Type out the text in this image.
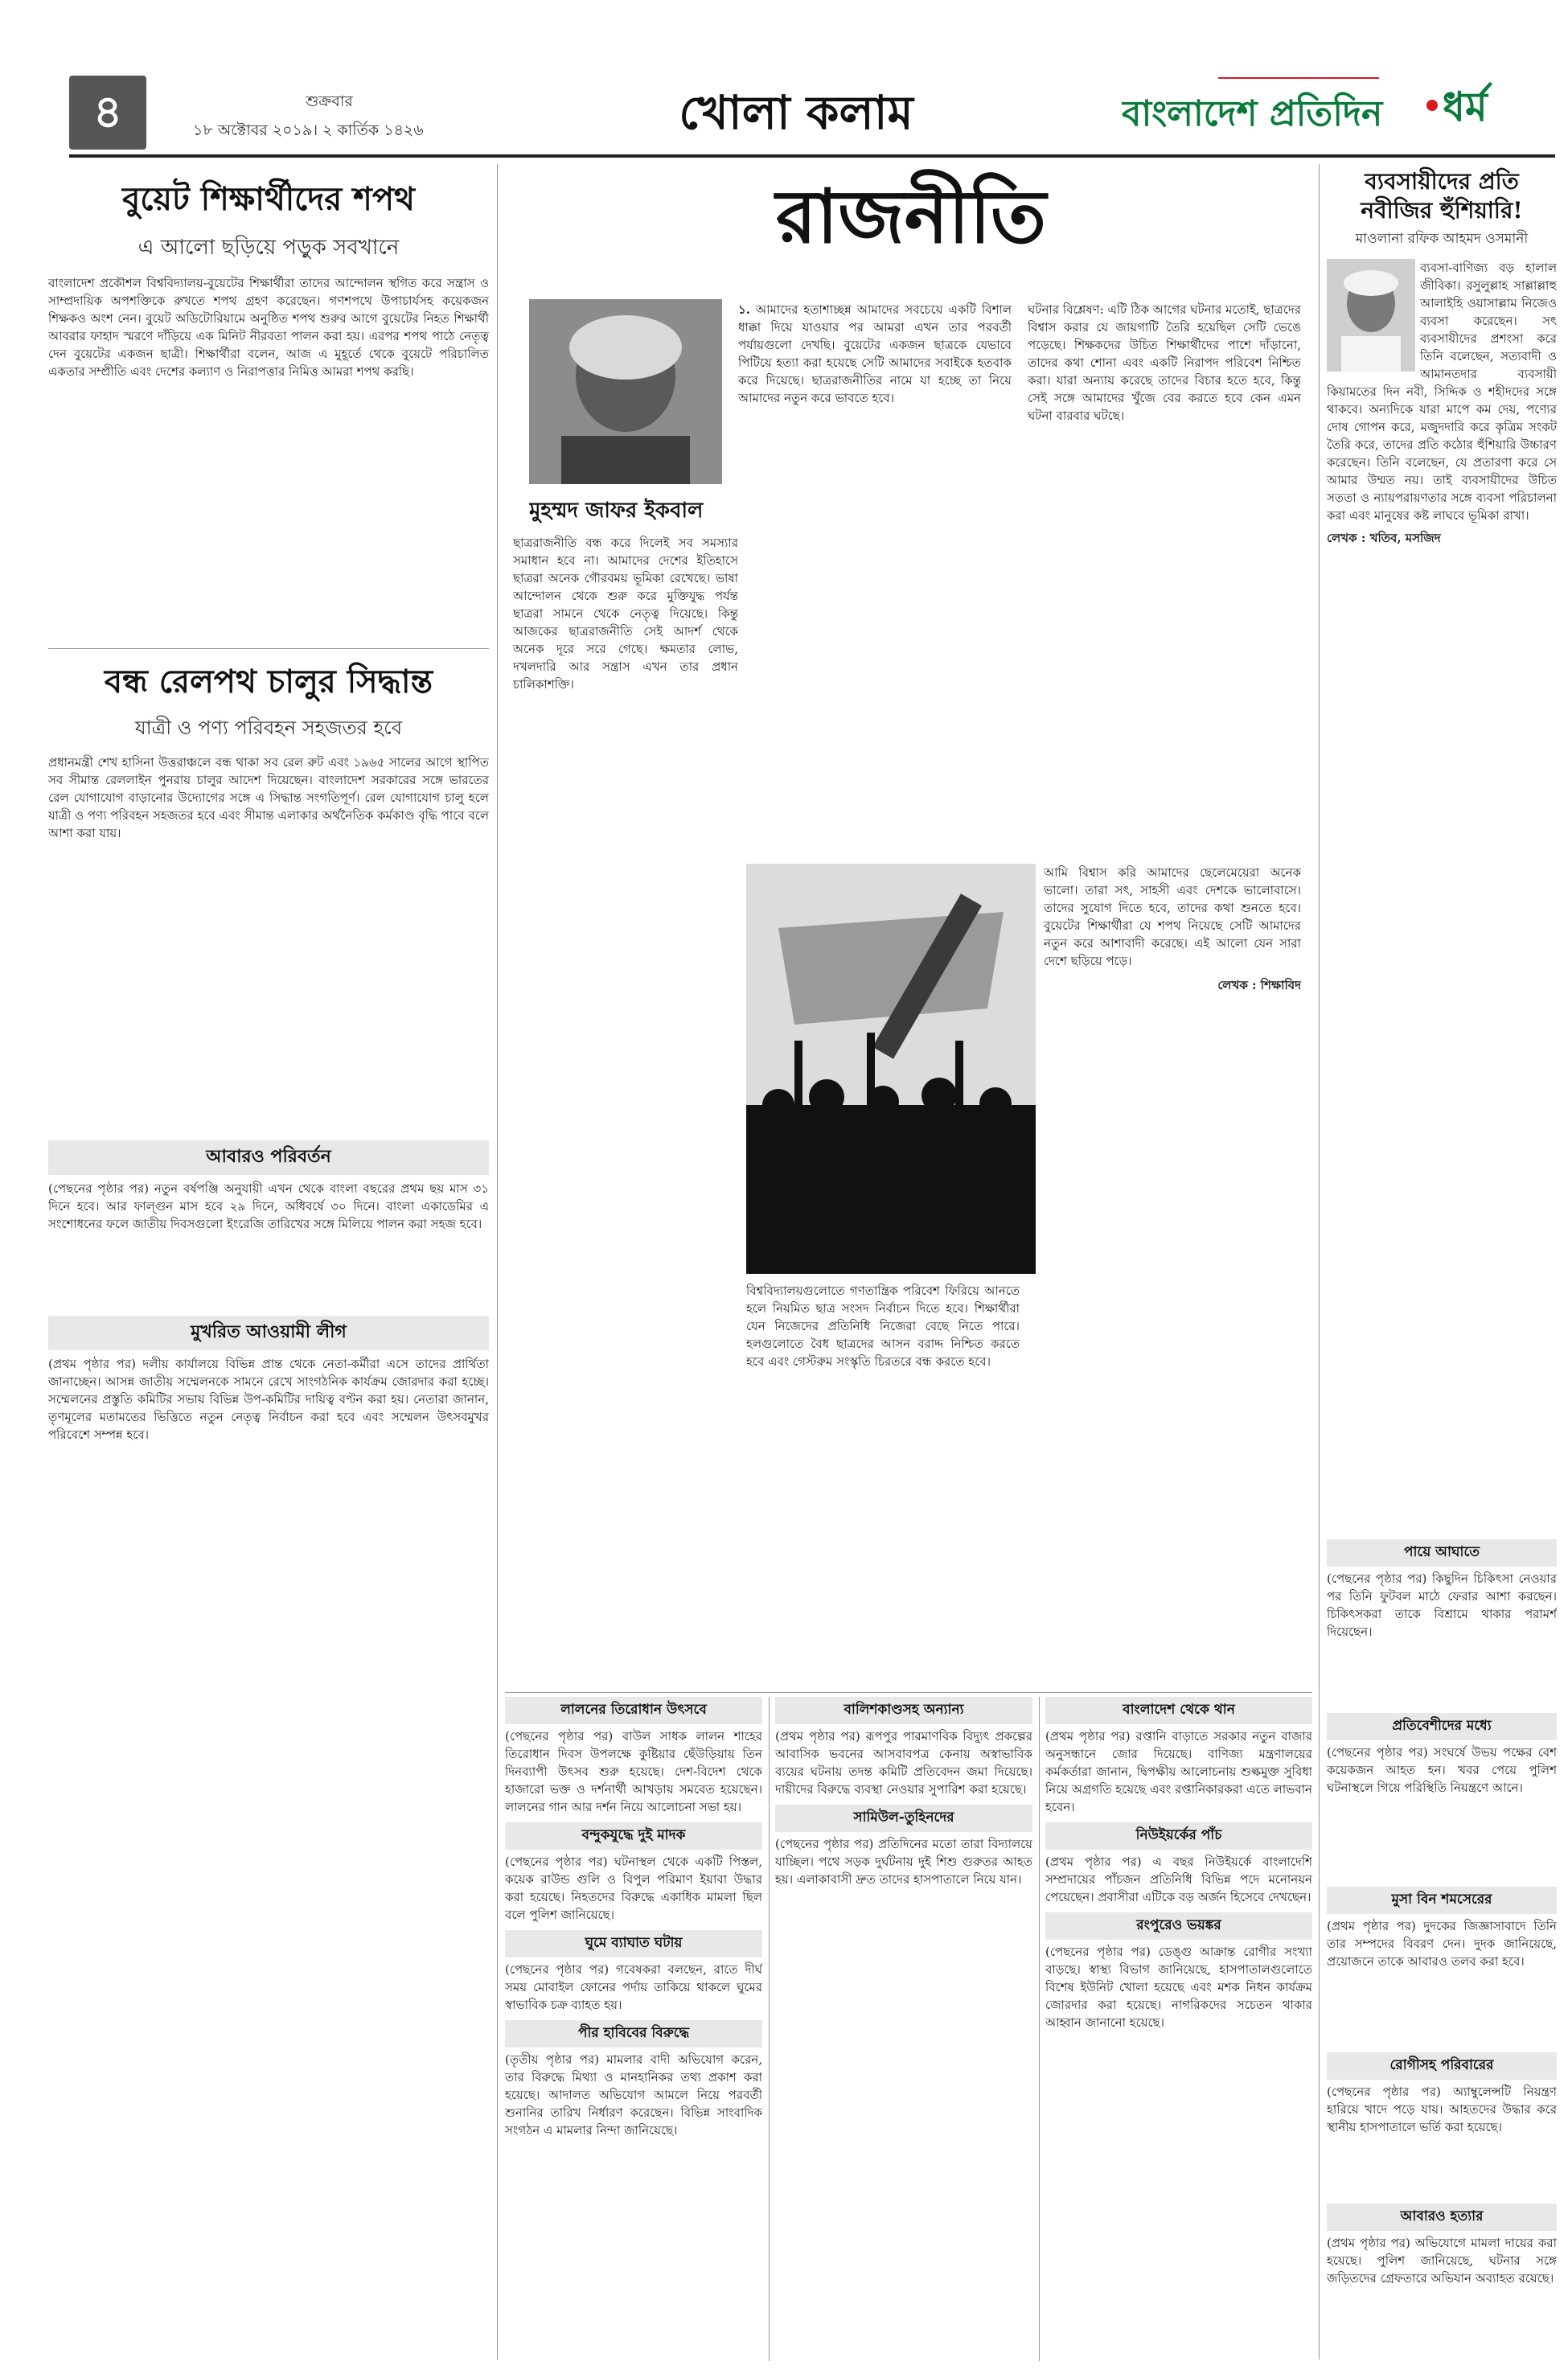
৪	শুক্রবার
১৮ অক্টোবর ২০১৯। ২ কার্তিক ১৪২৬	খোলা কলাম	বাংলাদেশ প্রতিদিন	ধর্ম
বুয়েট শিক্ষার্থীদের শপথ
এ আলো ছড়িয়ে পড়ুক সবখানে
বাংলাদেশ প্রকৌশল বিশ্ববিদ্যালয়-বুয়েটের শিক্ষার্থীরা তাদের আন্দোলন স্থগিত করে সন্ত্রাস ও সাম্প্রদায়িক অপশক্তিকে রুখতে শপথ গ্রহণ করেছেন। গণশপথে উপাচার্যসহ কয়েকজন শিক্ষকও অংশ নেন। বুয়েট অডিটোরিয়ামে অনুষ্ঠিত শপথ শুরুর আগে বুয়েটের নিহত শিক্ষার্থী আবরার ফাহাদ স্মরণে দাঁড়িয়ে এক মিনিট নীরবতা পালন করা হয়। এরপর শপথ পাঠে নেতৃত্ব দেন বুয়েটের একজন ছাত্রী। শিক্ষার্থীরা বলেন, আজ এ মুহূর্তে থেকে বুয়েটে পরিচালিত একতার সম্প্রীতি এবং দেশের কল্যাণ ও নিরাপত্তার নিমিত্ত আমরা শপথ করছি।
বন্ধ রেলপথ চালুর সিদ্ধান্ত
যাত্রী ও পণ্য পরিবহন সহজতর হবে
প্রধানমন্ত্রী শেখ হাসিনা উত্তরাঞ্চলে বন্ধ থাকা সব রেল রুট এবং ১৯৬৫ সালের আগে স্থাপিত সব সীমান্ত রেললাইন পুনরায় চালুর আদেশ দিয়েছেন। বাংলাদেশ সরকারের সঙ্গে ভারতের রেল যোগাযোগ বাড়ানোর উদ্যোগের সঙ্গে এ সিদ্ধান্ত সংগতিপূর্ণ। রেল যোগাযোগ চালু হলে যাত্রী ও পণ্য পরিবহন সহজতর হবে এবং সীমান্ত এলাকার অর্থনৈতিক কর্মকাণ্ড বৃদ্ধি পাবে বলে আশা করা যায়।
আবারও পরিবর্তন
(পেছনের পৃষ্ঠার পর) নতুন বর্ষপঞ্জি অনুযায়ী এখন থেকে বাংলা বছরের প্রথম ছয় মাস ৩১ দিনে হবে। আর ফাল্গুন মাস হবে ২৯ দিনে, অধিবর্ষে ৩০ দিনে। বাংলা একাডেমির এ সংশোধনের ফলে জাতীয় দিবসগুলো ইংরেজি তারিখের সঙ্গে মিলিয়ে পালন করা সহজ হবে।
মুখরিত আওয়ামী লীগ
(প্রথম পৃষ্ঠার পর) দলীয় কার্যালয়ে বিভিন্ন প্রান্ত থেকে নেতা-কর্মীরা এসে তাদের প্রার্থিতা জানাচ্ছেন। আসন্ন জাতীয় সম্মেলনকে সামনে রেখে সাংগঠনিক কার্যক্রম জোরদার করা হচ্ছে। সম্মেলনের প্রস্তুতি কমিটির সভায় বিভিন্ন উপ-কমিটির দায়িত্ব বণ্টন করা হয়। নেতারা জানান, তৃণমূলের মতামতের ভিত্তিতে নতুন নেতৃত্ব নির্বাচন করা হবে এবং সম্মেলন উৎসবমুখর পরিবেশে সম্পন্ন হবে।
রাজনীতি
মুহম্মদ জাফর ইকবাল
১. আমাদের হতাশাচ্ছন্ন আমাদের সবচেয়ে একটি বিশাল ধাক্কা দিয়ে যাওয়ার পর আমরা এখন তার পরবর্তী পর্যায়গুলো দেখছি। বুয়েটের একজন ছাত্রকে যেভাবে পিটিয়ে হত্যা করা হয়েছে সেটি আমাদের সবাইকে হতবাক করে দিয়েছে। ছাত্ররাজনীতির নামে যা হচ্ছে তা নিয়ে আমাদের নতুন করে ভাবতে হবে।
ছাত্ররাজনীতি বন্ধ করে দিলেই সব সমস্যার সমাধান হবে না। আমাদের দেশের ইতিহাসে ছাত্ররা অনেক গৌরবময় ভূমিকা রেখেছে। ভাষা আন্দোলন থেকে শুরু করে মুক্তিযুদ্ধ পর্যন্ত ছাত্ররা সামনে থেকে নেতৃত্ব দিয়েছে। কিন্তু আজকের ছাত্ররাজনীতি সেই আদর্শ থেকে অনেক দূরে সরে গেছে। ক্ষমতার লোভ, দখলদারি আর সন্ত্রাস এখন তার প্রধান চালিকাশক্তি।
ঘটনার বিশ্লেষণ: এটি ঠিক আগের ঘটনার মতোই, ছাত্রদের বিশ্বাস করার যে জায়গাটি তৈরি হয়েছিল সেটি ভেঙে পড়েছে। শিক্ষকদের উচিত শিক্ষার্থীদের পাশে দাঁড়ানো, তাদের কথা শোনা এবং একটি নিরাপদ পরিবেশ নিশ্চিত করা। যারা অন্যায় করেছে তাদের বিচার হতে হবে, কিন্তু সেই সঙ্গে আমাদের খুঁজে বের করতে হবে কেন এমন ঘটনা বারবার ঘটছে।
বিশ্ববিদ্যালয়গুলোতে গণতান্ত্রিক পরিবেশ ফিরিয়ে আনতে হলে নিয়মিত ছাত্র সংসদ নির্বাচন দিতে হবে। শিক্ষার্থীরা যেন নিজেদের প্রতিনিধি নিজেরা বেছে নিতে পারে। হলগুলোতে বৈধ ছাত্রদের আসন বরাদ্দ নিশ্চিত করতে হবে এবং গেস্টরুম সংস্কৃতি চিরতরে বন্ধ করতে হবে।
আমি বিশ্বাস করি আমাদের ছেলেমেয়েরা অনেক ভালো। তারা সৎ, সাহসী এবং দেশকে ভালোবাসে। তাদের সুযোগ দিতে হবে, তাদের কথা শুনতে হবে। বুয়েটের শিক্ষার্থীরা যে শপথ নিয়েছে সেটি আমাদের নতুন করে আশাবাদী করেছে। এই আলো যেন সারা দেশে ছড়িয়ে পড়ে।
লেখক : শিক্ষাবিদ
ব্যবসায়ীদের প্রতি নবীজির হুঁশিয়ারি!
মাওলানা রফিক আহমদ ওসমানী
ব্যবসা-বাণিজ্য বড় হালাল জীবিকা। রসুলুল্লাহ সাল্লাল্লাহু আলাইহি ওয়াসাল্লাম নিজেও ব্যবসা করেছেন। সৎ ব্যবসায়ীদের প্রশংসা করে তিনি বলেছেন, সত্যবাদী ও আমানতদার ব্যবসায়ী কিয়ামতের দিন নবী, সিদ্দিক ও শহীদদের সঙ্গে থাকবে। অন্যদিকে যারা মাপে কম দেয়, পণ্যের দোষ গোপন করে, মজুদদারি করে কৃত্রিম সংকট তৈরি করে, তাদের প্রতি কঠোর হুঁশিয়ারি উচ্চারণ করেছেন। তিনি বলেছেন, যে প্রতারণা করে সে আমার উম্মত নয়। তাই ব্যবসায়ীদের উচিত সততা ও ন্যায়পরায়ণতার সঙ্গে ব্যবসা পরিচালনা করা এবং মানুষের কষ্ট লাঘবে ভূমিকা রাখা।
লেখক : খতিব, মসজিদ
পায়ে আঘাতে
(পেছনের পৃষ্ঠার পর) কিছুদিন চিকিৎসা নেওয়ার পর তিনি ফুটবল মাঠে ফেরার আশা করছেন। চিকিৎসকরা তাকে বিশ্রামে থাকার পরামর্শ দিয়েছেন।
প্রতিবেশীদের মধ্যে
(পেছনের পৃষ্ঠার পর) সংঘর্ষে উভয় পক্ষের বেশ কয়েকজন আহত হন। খবর পেয়ে পুলিশ ঘটনাস্থলে গিয়ে পরিস্থিতি নিয়ন্ত্রণে আনে।
মুসা বিন শমসেরের
(প্রথম পৃষ্ঠার পর) দুদকের জিজ্ঞাসাবাদে তিনি তার সম্পদের বিবরণ দেন। দুদক জানিয়েছে, প্রয়োজনে তাকে আবারও তলব করা হবে।
রোগীসহ পরিবারের
(পেছনের পৃষ্ঠার পর) অ্যাম্বুলেন্সটি নিয়ন্ত্রণ হারিয়ে খাদে পড়ে যায়। আহতদের উদ্ধার করে স্থানীয় হাসপাতালে ভর্তি করা হয়েছে।
আবারও হত্যার
(প্রথম পৃষ্ঠার পর) অভিযোগে মামলা দায়ের করা হয়েছে। পুলিশ জানিয়েছে, ঘটনার সঙ্গে জড়িতদের গ্রেফতারে অভিযান অব্যাহত রয়েছে।
লালনের তিরোধান উৎসবে
(পেছনের পৃষ্ঠার পর) বাউল সাধক লালন শাহের তিরোধান দিবস উপলক্ষে কুষ্টিয়ার ছেঁউড়িয়ায় তিন দিনব্যাপী উৎসব শুরু হয়েছে। দেশ-বিদেশ থেকে হাজারো ভক্ত ও দর্শনার্থী আখড়ায় সমবেত হয়েছেন। লালনের গান আর দর্শন নিয়ে আলোচনা সভা হয়।
বন্দুকযুদ্ধে দুই মাদক
(পেছনের পৃষ্ঠার পর) ঘটনাস্থল থেকে একটি পিস্তল, কয়েক রাউন্ড গুলি ও বিপুল পরিমাণ ইয়াবা উদ্ধার করা হয়েছে। নিহতদের বিরুদ্ধে একাধিক মামলা ছিল বলে পুলিশ জানিয়েছে।
ঘুমে ব্যাঘাত ঘটায়
(পেছনের পৃষ্ঠার পর) গবেষকরা বলছেন, রাতে দীর্ঘ সময় মোবাইল ফোনের পর্দায় তাকিয়ে থাকলে ঘুমের স্বাভাবিক চক্র ব্যাহত হয়।
পীর হাবিবের বিরুদ্ধে
(তৃতীয় পৃষ্ঠার পর) মামলার বাদী অভিযোগ করেন, তার বিরুদ্ধে মিথ্যা ও মানহানিকর তথ্য প্রকাশ করা হয়েছে। আদালত অভিযোগ আমলে নিয়ে পরবর্তী শুনানির তারিখ নির্ধারণ করেছেন। বিভিন্ন সাংবাদিক সংগঠন এ মামলার নিন্দা জানিয়েছে।
বালিশকাণ্ডসহ অন্যান্য
(প্রথম পৃষ্ঠার পর) রূপপুর পারমাণবিক বিদ্যুৎ প্রকল্পের আবাসিক ভবনের আসবাবপত্র কেনায় অস্বাভাবিক ব্যয়ের ঘটনায় তদন্ত কমিটি প্রতিবেদন জমা দিয়েছে। দায়ীদের বিরুদ্ধে ব্যবস্থা নেওয়ার সুপারিশ করা হয়েছে।
সামিউল-তুহিনদের
(পেছনের পৃষ্ঠার পর) প্রতিদিনের মতো তারা বিদ্যালয়ে যাচ্ছিল। পথে সড়ক দুর্ঘটনায় দুই শিশু গুরুতর আহত হয়। এলাকাবাসী দ্রুত তাদের হাসপাতালে নিয়ে যান।
বাংলাদেশ থেকে থান
(প্রথম পৃষ্ঠার পর) রপ্তানি বাড়াতে সরকার নতুন বাজার অনুসন্ধানে জোর দিয়েছে। বাণিজ্য মন্ত্রণালয়ের কর্মকর্তারা জানান, দ্বিপক্ষীয় আলোচনায় শুল্কমুক্ত সুবিধা নিয়ে অগ্রগতি হয়েছে এবং রপ্তানিকারকরা এতে লাভবান হবেন।
নিউইয়র্কের পাঁচ
(প্রথম পৃষ্ঠার পর) এ বছর নিউইয়র্কে বাংলাদেশি সম্প্রদায়ের পাঁচজন প্রতিনিধি বিভিন্ন পদে মনোনয়ন পেয়েছেন। প্রবাসীরা এটিকে বড় অর্জন হিসেবে দেখছেন।
রংপুরেও ভয়ঙ্কর
(পেছনের পৃষ্ঠার পর) ডেঙ্গু আক্রান্ত রোগীর সংখ্যা বাড়ছে। স্বাস্থ্য বিভাগ জানিয়েছে, হাসপাতালগুলোতে বিশেষ ইউনিট খোলা হয়েছে এবং মশক নিধন কার্যক্রম জোরদার করা হয়েছে। নাগরিকদের সচেতন থাকার আহ্বান জানানো হয়েছে।
